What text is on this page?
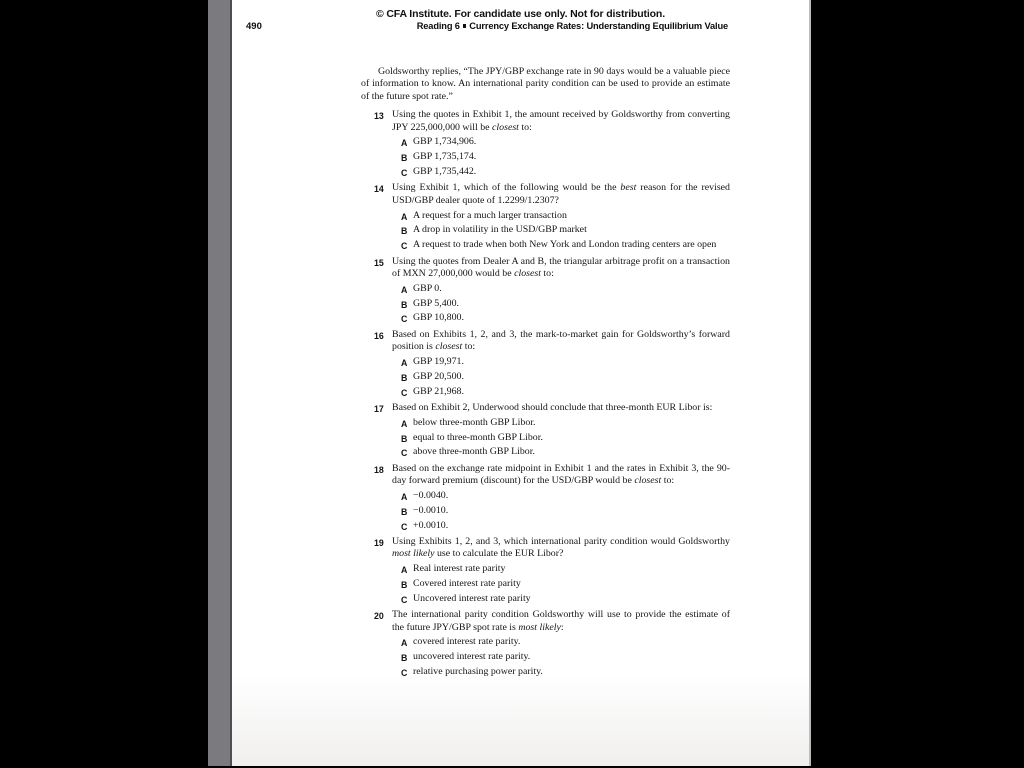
© CFA Institute. For candidate use only. Not for distribution.
490	Reading 6 Currency Exchange Rates: Understanding Equilibrium Value

Goldsworthy replies, “The JPY/GBP exchange rate in 90 days would be a valuable piece of information to know. An international parity condition can be used to provide an estimate of the future spot rate.”

13 Using the quotes in Exhibit 1, the amount received by Goldsworthy from converting JPY 225,000,000 will be closest to:
A GBP 1,734,906.
B GBP 1,735,174.
C GBP 1,735,442.
14 Using Exhibit 1, which of the following would be the best reason for the revised USD/GBP dealer quote of 1.2299/1.2307?
A A request for a much larger transaction
B A drop in volatility in the USD/GBP market
C A request to trade when both New York and London trading centers are open
15 Using the quotes from Dealer A and B, the triangular arbitrage profit on a transaction of MXN 27,000,000 would be closest to:
A GBP 0.
B GBP 5,400.
C GBP 10,800.
16 Based on Exhibits 1, 2, and 3, the mark-to-market gain for Goldsworthy’s forward position is closest to:
A GBP 19,971.
B GBP 20,500.
C GBP 21,968.
17 Based on Exhibit 2, Underwood should conclude that three-month EUR Libor is:
A below three-month GBP Libor.
B equal to three-month GBP Libor.
C above three-month GBP Libor.
18 Based on the exchange rate midpoint in Exhibit 1 and the rates in Exhibit 3, the 90-day forward premium (discount) for the USD/GBP would be closest to:
A −0.0040.
B −0.0010.
C +0.0010.
19 Using Exhibits 1, 2, and 3, which international parity condition would Goldsworthy most likely use to calculate the EUR Libor?
A Real interest rate parity
B Covered interest rate parity
C Uncovered interest rate parity
20 The international parity condition Goldsworthy will use to provide the estimate of the future JPY/GBP spot rate is most likely:
A covered interest rate parity.
B uncovered interest rate parity.
C relative purchasing power parity.
